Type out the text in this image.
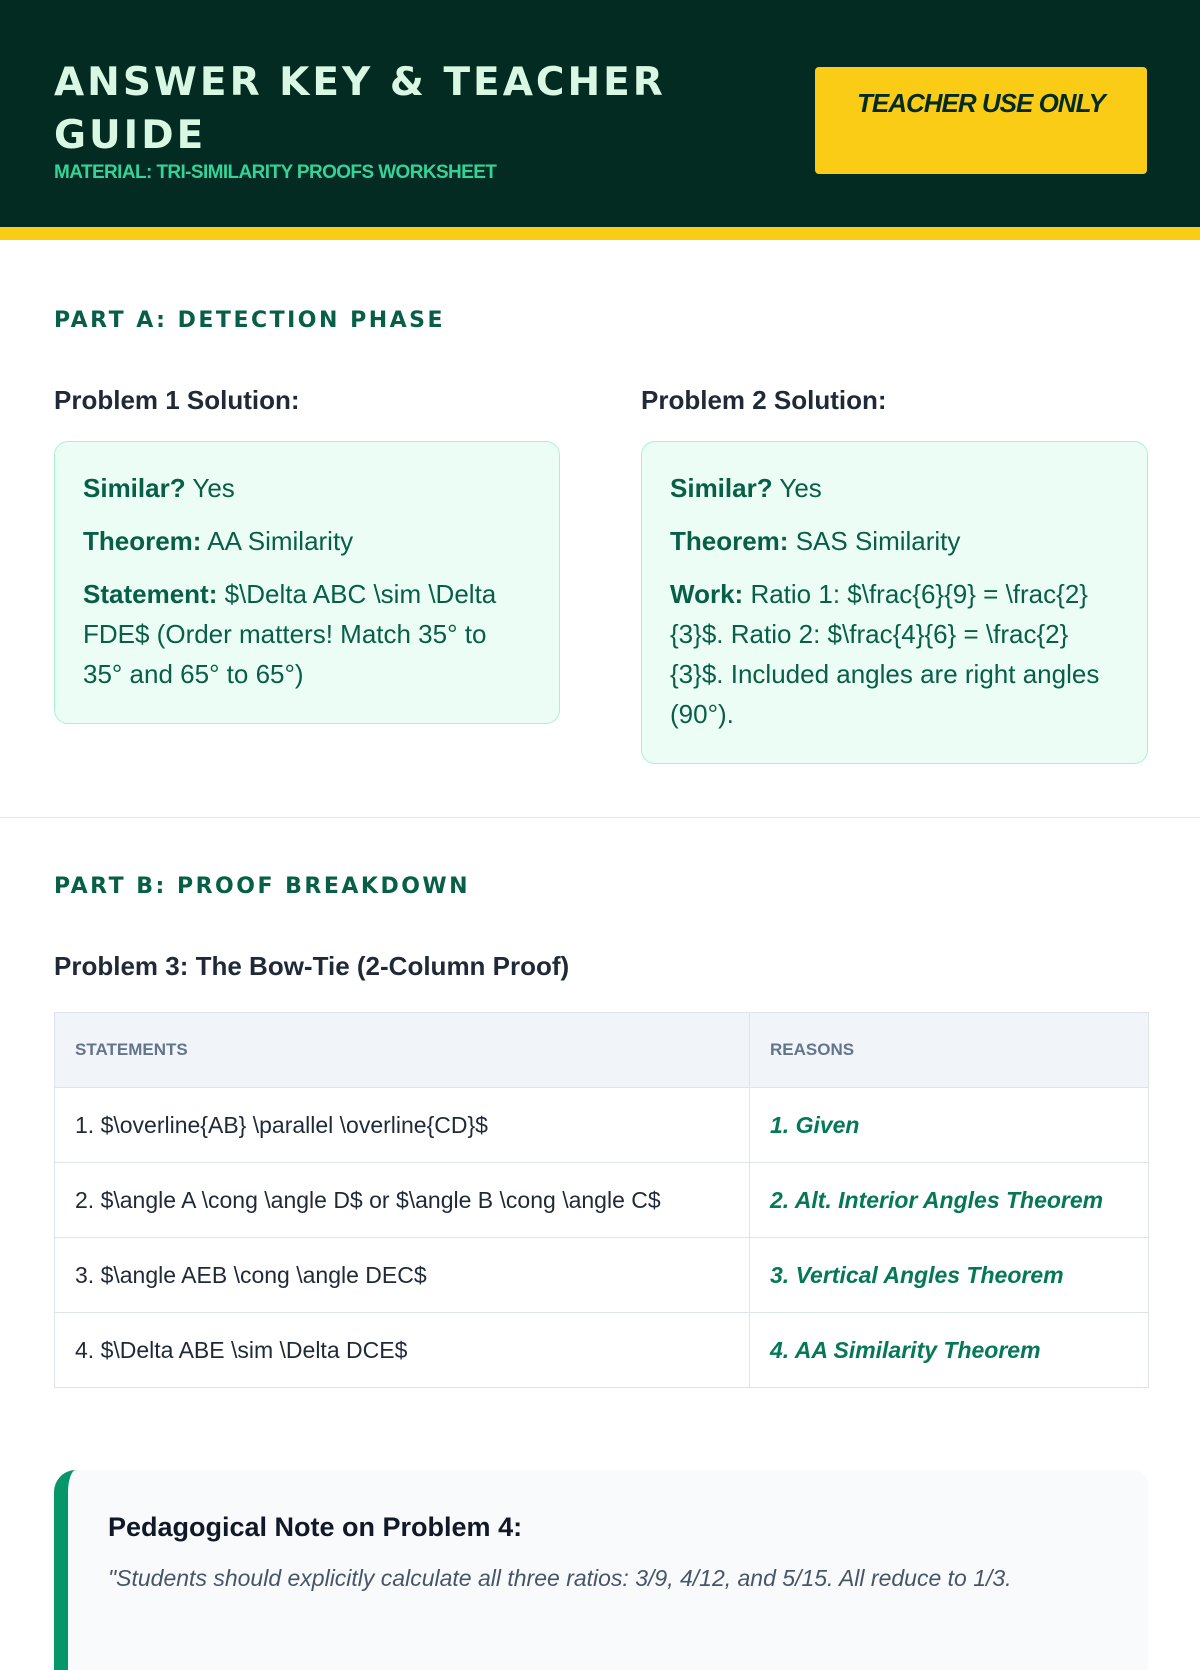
ANSWER KEY & TEACHER GUIDE
MATERIAL: TRI-SIMILARITY PROOFS WORKSHEET
TEACHER USE ONLY
PART A: DETECTION PHASE
Problem 1 Solution:

Similar? Yes

Theorem: AA Similarity

Statement: $\Delta ABC \sim \Delta FDE$ (Order matters! Match 35° to 35° and 65° to 65°)

Problem 2 Solution:

Similar? Yes

Theorem: SAS Similarity

Work: Ratio 1: $\frac{6}{9} = \frac{2}{3}$. Ratio 2: $\frac{4}{6} = \frac{2}{3}$. Included angles are right angles (90°).

PART B: PROOF BREAKDOWN
Problem 3: The Bow-Tie (2-Column Proof)
STATEMENTS	REASONS
1. $\overline{AB} \parallel \overline{CD}$	1. Given
2. $\angle A \cong \angle D$ or $\angle B \cong \angle C$	2. Alt. Interior Angles Theorem
3. $\angle AEB \cong \angle DEC$	3. Vertical Angles Theorem
4. $\Delta ABE \sim \Delta DCE$	4. AA Similarity Theorem
Pedagogical Note on Problem 4:
"Students should explicitly calculate all three ratios: 3/9, 4/12, and 5/15. All reduce to 1/3.
